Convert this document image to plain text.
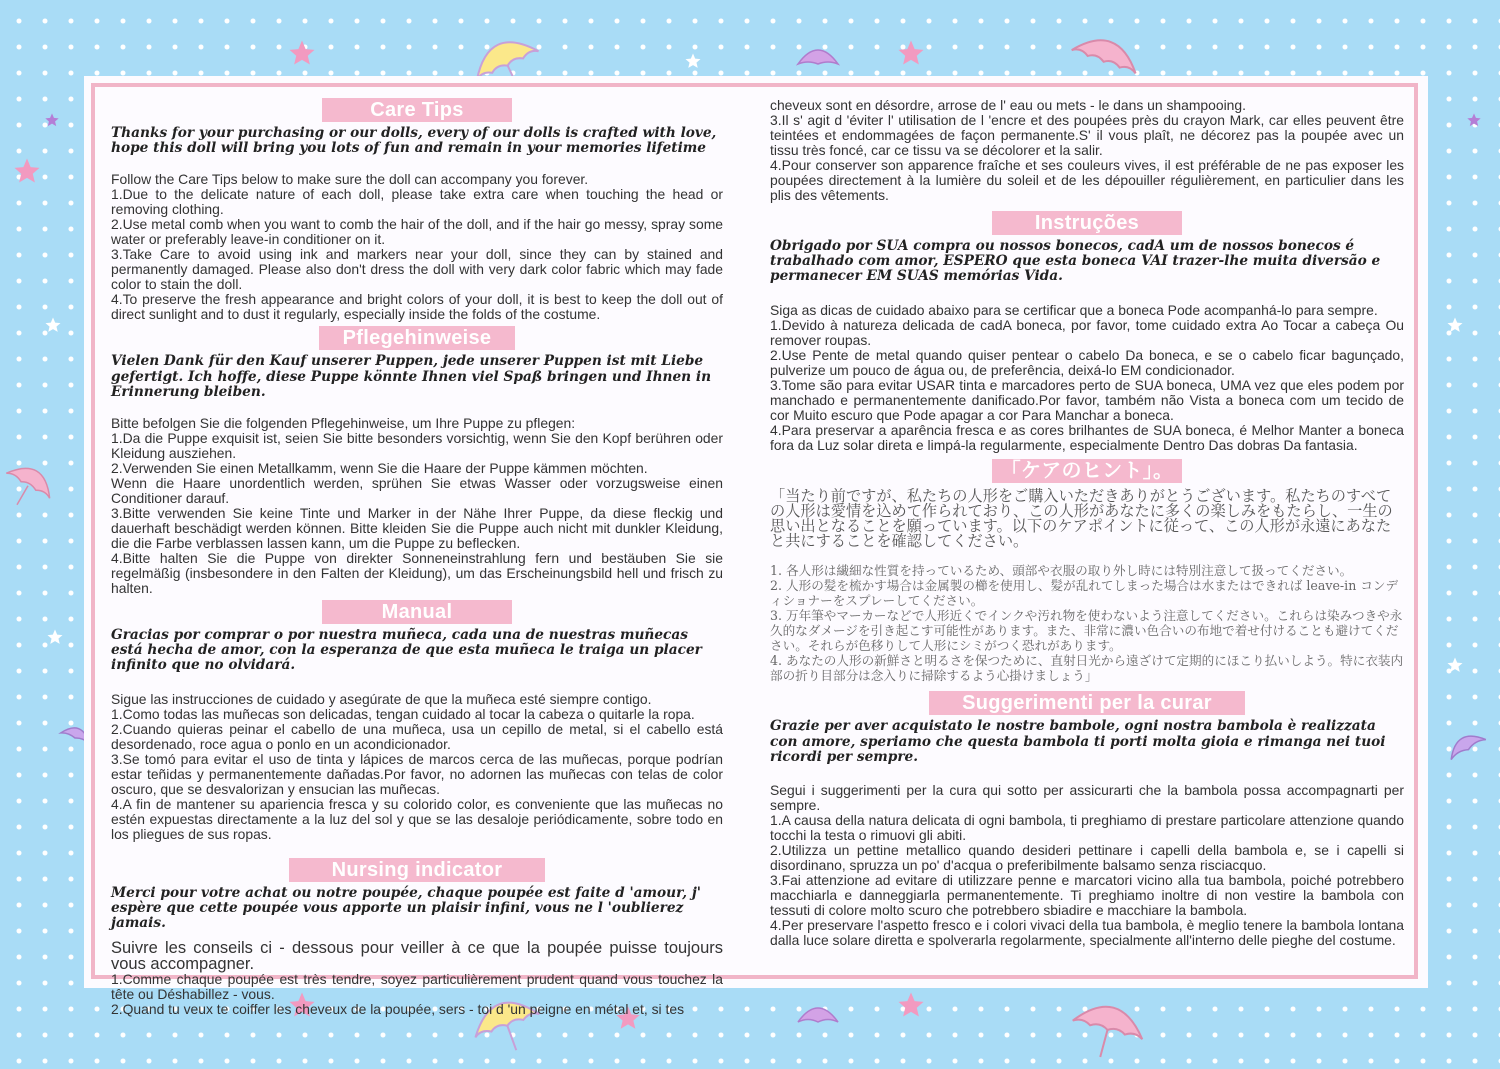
Care Tips
Thanks for your purchasing or our dolls, every of our dolls is crafted with love, hope this doll will bring you lots of fun and remain in your memories lifetime
Follow the Care Tips below to make sure the doll can accompany you forever.
1.Due to the delicate nature of each doll, please take extra care when touching the head or removing clothing.
2.Use metal comb when you want to comb the hair of the doll, and if the hair go messy, spray some water or preferably leave-in conditioner on it.
3.Take Care to avoid using ink and markers near your doll, since they can by stained and permanently damaged. Please also don't dress the doll with very dark color fabric which may fade color to stain the doll.
4.To preserve the fresh appearance and bright colors of your doll, it is best to keep the doll out of direct sunlight and to dust it regularly, especially inside the folds of the costume.
Pflegehinweise
Vielen Dank für den Kauf unserer Puppen, jede unserer Puppen ist mit Liebe gefertigt. Ich hoffe, diese Puppe könnte Ihnen viel Spaß bringen und Ihnen in Erinnerung bleiben.
Bitte befolgen Sie die folgenden Pflegehinweise, um Ihre Puppe zu pflegen:
1.Da die Puppe exquisit ist, seien Sie bitte besonders vorsichtig, wenn Sie den Kopf berühren oder Kleidung ausziehen.
2.Verwenden Sie einen Metallkamm, wenn Sie die Haare der Puppe kämmen möchten.
Wenn die Haare unordentlich werden, sprühen Sie etwas Wasser oder vorzugsweise einen Conditioner darauf.
3.Bitte verwenden Sie keine Tinte und Marker in der Nähe Ihrer Puppe, da diese fleckig und dauerhaft beschädigt werden können. Bitte kleiden Sie die Puppe auch nicht mit dunkler Kleidung, die die Farbe verblassen lassen kann, um die Puppe zu beflecken.
4.Bitte halten Sie die Puppe von direkter Sonneneinstrahlung fern und bestäuben Sie sie regelmäßig (insbesondere in den Falten der Kleidung), um das Erscheinungsbild hell und frisch zu halten.
Manual
Gracias por comprar o por nuestra muñeca, cada una de nuestras muñecas está hecha de amor, con la esperanza de que esta muñeca le traiga un placer infinito que no olvidará.
Sigue las instrucciones de cuidado y asegúrate de que la muñeca esté siempre contigo.
1.Como todas las muñecas son delicadas, tengan cuidado al tocar la cabeza o quitarle la ropa.
2.Cuando quieras peinar el cabello de una muñeca, usa un cepillo de metal, si el cabello está desordenado, roce agua o ponlo en un acondicionador.
3.Se tomó para evitar el uso de tinta y lápices de marcos cerca de las muñecas, porque podrían estar teñidas y permanentemente dañadas.Por favor, no adornen las muñecas con telas de color oscuro, que se desvalorizan y ensucian las muñecas.
4.A fin de mantener su apariencia fresca y su colorido color, es conveniente que las muñecas no estén expuestas directamente a la luz del sol y que se las desaloje periódicamente, sobre todo en los pliegues de sus ropas.
Nursing indicator
Merci pour votre achat ou notre poupée, chaque poupée est faite d 'amour, j' espère que cette poupée vous apporte un plaisir infini, vous ne l 'oublierez jamais.
Suivre les conseils ci - dessous pour veiller à ce que la poupée puisse toujours vous accompagner.
1.Comme chaque poupée est très tendre, soyez particulièrement prudent quand vous touchez la tête ou Déshabillez - vous.
2.Quand tu veux te coiffer les cheveux de la poupée, sers - toi d 'un peigne en métal et, si tes
cheveux sont en désordre, arrose de l' eau ou mets - le dans un shampooing.
3.Il s' agit d 'éviter l' utilisation de l 'encre et des poupées près du crayon Mark, car elles peuvent être teintées et endommagées de façon permanente.S' il vous plaît, ne décorez pas la poupée avec un tissu très foncé, car ce tissu va se décolorer et la salir.
4.Pour conserver son apparence fraîche et ses couleurs vives, il est préférable de ne pas exposer les poupées directement à la lumière du soleil et de les dépouiller régulièrement, en particulier dans les plis des vêtements.
Instruções
Obrigado por SUA compra ou nossos bonecos, cadA um de nossos bonecos é trabalhado com amor, ESPERO que esta boneca VAI trazer-lhe muita diversão e permanecer EM SUAS memórias Vida.
Siga as dicas de cuidado abaixo para se certificar que a boneca Pode acompanhá-lo para sempre.
1.Devido à natureza delicada de cadA boneca, por favor, tome cuidado extra Ao Tocar a cabeça Ou remover roupas.
2.Use Pente de metal quando quiser pentear o cabelo Da boneca, e se o cabelo ficar bagunçado, pulverize um pouco de água ou, de preferência, deixá-lo EM condicionador.
3.Tome são para evitar USAR tinta e marcadores perto de SUA boneca, UMA vez que eles podem por manchado e permanentemente danificado.Por favor, também não Vista a boneca com um tecido de cor Muito escuro que Pode apagar a cor Para Manchar a boneca.
4.Para preservar a aparência fresca e as cores brilhantes de SUA boneca, é Melhor Manter a boneca fora da Luz solar direta e limpá-la regularmente, especialmente Dentro Das dobras Da fantasia.
「ケアのヒント」。
「当たり前ですが、私たちの人形をご購入いただきありがとうございます。私たちのすべての人形は愛情を込めて作られており、この人形があなたに多くの楽しみをもたらし、一生の思い出となることを願っています。以下のケアポイントに従って、この人形が永遠にあなたと共にすることを確認してください。
1. 各人形は繊細な性質を持っているため、頭部や衣服の取り外し時には特別注意して扱ってください。
2. 人形の髪を梳かす場合は金属製の櫛を使用し、髪が乱れてしまった場合は水またはできれば leave-in コンディショナーをスプレーしてください。
3. 万年筆やマーカーなどで人形近くでインクや汚れ物を使わないよう注意してください。これらは染みつきや永久的なダメージを引き起こす可能性があります。また、非常に濃い色合いの布地で着せ付けることも避けてください。それらが色移りして人形にシミがつく恐れがあります。
4. あなたの人形の新鮮さと明るさを保つために、直射日光から遠ざけて定期的にほこり払いしよう。特に衣装内部の折り目部分は念入りに掃除するよう心掛けましょう」
Suggerimenti per la curar
Grazie per aver acquistato le nostre bambole, ogni nostra bambola è realizzata con amore, speriamo che questa bambola ti porti molta gioia e rimanga nei tuoi ricordi per sempre.
Segui i suggerimenti per la cura qui sotto per assicurarti che la bambola possa accompagnarti per sempre.
1.A causa della natura delicata di ogni bambola, ti preghiamo di prestare particolare attenzione quando tocchi la testa o rimuovi gli abiti.
2.Utilizza un pettine metallico quando desideri pettinare i capelli della bambola e, se i capelli si disordinano, spruzza un po' d'acqua o preferibilmente balsamo senza risciacquo.
3.Fai attenzione ad evitare di utilizzare penne e marcatori vicino alla tua bambola, poiché potrebbero macchiarla e danneggiarla permanentemente. Ti preghiamo inoltre di non vestire la bambola con tessuti di colore molto scuro che potrebbero sbiadire e macchiare la bambola.
4.Per preservare l'aspetto fresco e i colori vivaci della tua bambola, è meglio tenere la bambola lontana dalla luce solare diretta e spolverarla regolarmente, specialmente all'interno delle pieghe del costume.
